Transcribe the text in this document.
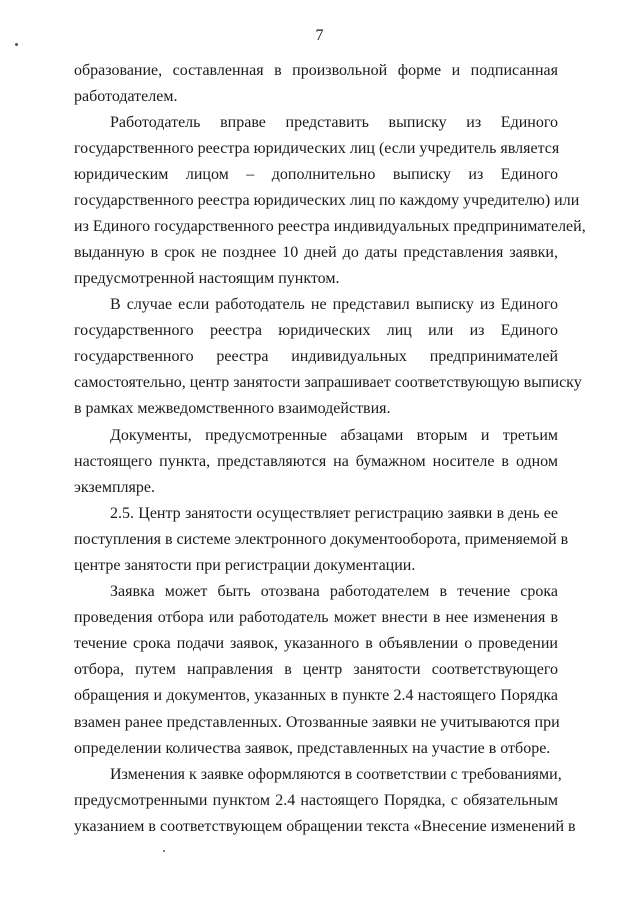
7
образование, составленная в произвольной форме и подписанная
работодателем.
Работодатель вправе представить выписку из Единого
государственного реестра юридических лиц (если учредитель является
юридическим лицом – дополнительно выписку из Единого
государственного реестра юридических лиц по каждому учредителю) или
из Единого государственного реестра индивидуальных предпринимателей,
выданную в срок не позднее 10 дней до даты представления заявки,
предусмотренной настоящим пунктом.
В случае если работодатель не представил выписку из Единого
государственного реестра юридических лиц или из Единого
государственного реестра индивидуальных предпринимателей
самостоятельно, центр занятости запрашивает соответствующую выписку
в рамках межведомственного взаимодействия.
Документы, предусмотренные абзацами вторым и третьим
настоящего пункта, представляются на бумажном носителе в одном
экземпляре.
2.5. Центр занятости осуществляет регистрацию заявки в день ее
поступления в системе электронного документооборота, применяемой в
центре занятости при регистрации документации.
Заявка может быть отозвана работодателем в течение срока
проведения отбора или работодатель может внести в нее изменения в
течение срока подачи заявок, указанного в объявлении о проведении
отбора, путем направления в центр занятости соответствующего
обращения и документов, указанных в пункте 2.4 настоящего Порядка
взамен ранее представленных. Отозванные заявки не учитываются при
определении количества заявок, представленных на участие в отборе.
Изменения к заявке оформляются в соответствии с требованиями,
предусмотренными пунктом 2.4 настоящего Порядка, с обязательным
указанием в соответствующем обращении текста «Внесение изменений в
